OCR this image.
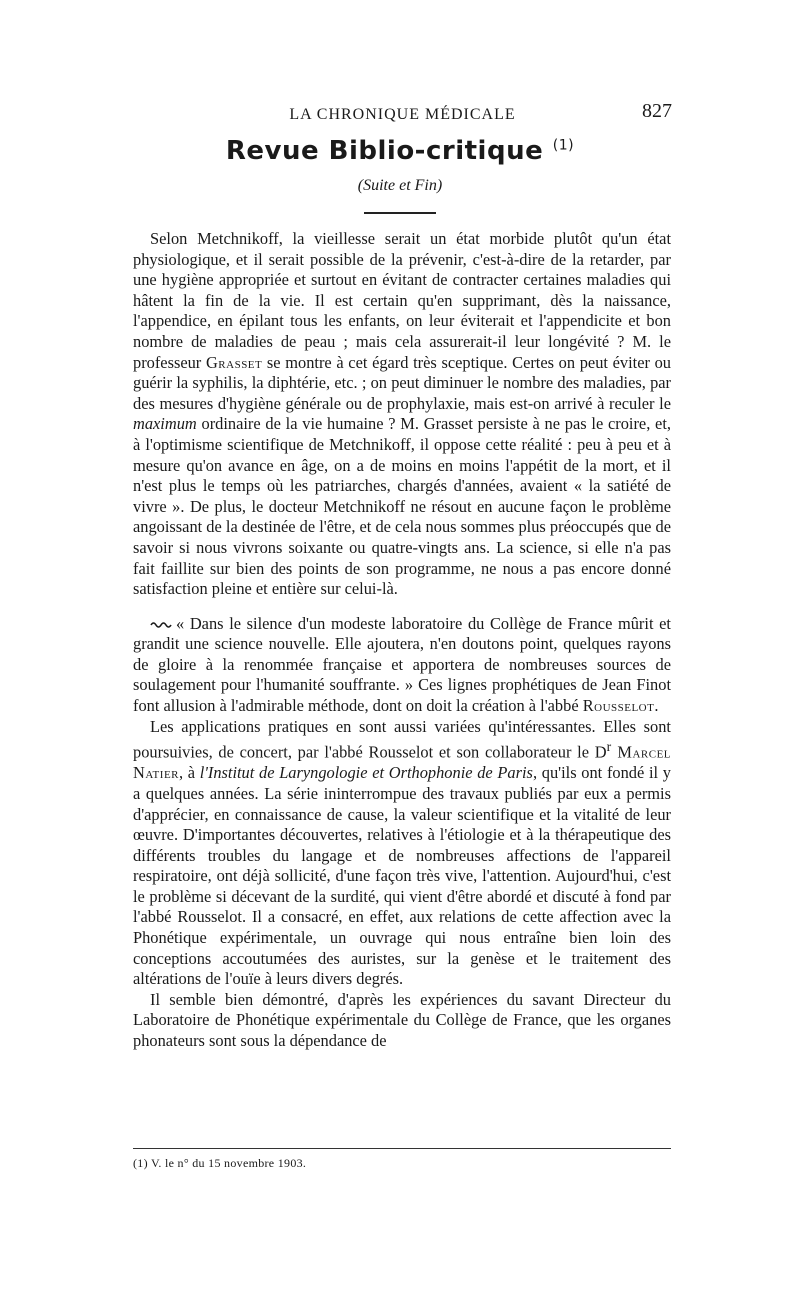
LA CHRONIQUE MÉDICALE	827
Revue Biblio-critique $^{(1)}$
(Suite et Fin)

Selon Metchnikoff, la vieillesse serait un état morbide plutôt qu'un état physiologique, et il serait possible de la prévenir, c'est-à-dire de la retarder, par une hygiène appropriée et surtout en évitant de contracter certaines maladies qui hâtent la fin de la vie. Il est certain qu'en supprimant, dès la naissance, l'appendice, en épilant tous les enfants, on leur éviterait et l'appendicite et bon nombre de maladies de peau ; mais cela assurerait-il leur longévité ? M. le professeur Grasset se montre à cet égard très sceptique. Certes on peut éviter ou guérir la syphilis, la diphtérie, etc. ; on peut diminuer le nombre des maladies, par des mesures d'hygiène générale ou de prophylaxie, mais est-on arrivé à reculer le maximum ordinaire de la vie humaine ? M. Grasset persiste à ne pas le croire, et, à l'optimisme scientifique de Metchnikoff, il oppose cette réalité : peu à peu et à mesure qu'on avance en âge, on a de moins en moins l'appétit de la mort, et il n'est plus le temps où les patriarches, chargés d'années, avaient « la satiété de vivre ». De plus, le docteur Metchnikoff ne résout en aucune façon le problème angoissant de la destinée de l'être, et de cela nous sommes plus préoccupés que de savoir si nous vivrons soixante ou quatre-vingts ans. La science, si elle n'a pas fait faillite sur bien des points de son programme, ne nous a pas encore donné satisfaction pleine et entière sur celui-là.

« Dans le silence d'un modeste laboratoire du Collège de France mûrit et grandit une science nouvelle. Elle ajoutera, n'en doutons point, quelques rayons de gloire à la renommée française et apportera de nombreuses sources de soulagement pour l'humanité souffrante. » Ces lignes prophétiques de Jean Finot font allusion à l'admirable méthode, dont on doit la création à l'abbé Rousselot.

Les applications pratiques en sont aussi variées qu'intéressantes. Elles sont poursuivies, de concert, par l'abbé Rousselot et son collaborateur le $D^r$ Marcel Natier, à l'Institut de Laryngologie et Orthophonie de Paris, qu'ils ont fondé il y a quelques années. La série ininterrompue des travaux publiés par eux a permis d'apprécier, en connaissance de cause, la valeur scientifique et la vitalité de leur œuvre. D'importantes découvertes, relatives à l'étiologie et à la thérapeutique des différents troubles du langage et de nombreuses affections de l'appareil respiratoire, ont déjà sollicité, d'une façon très vive, l'attention. Aujourd'hui, c'est le problème si décevant de la surdité, qui vient d'être abordé et discuté à fond par l'abbé Rousselot. Il a consacré, en effet, aux relations de cette affection avec la Phonétique expérimentale, un ouvrage qui nous entraîne bien loin des conceptions accoutumées des auristes, sur la genèse et le traitement des altérations de l'ouïe à leurs divers degrés.

Il semble bien démontré, d'après les expériences du savant Directeur du Laboratoire de Phonétique expérimentale du Collège de France, que les organes phonateurs sont sous la dépendance de

(1) V. le n° du 15 novembre 1903.
